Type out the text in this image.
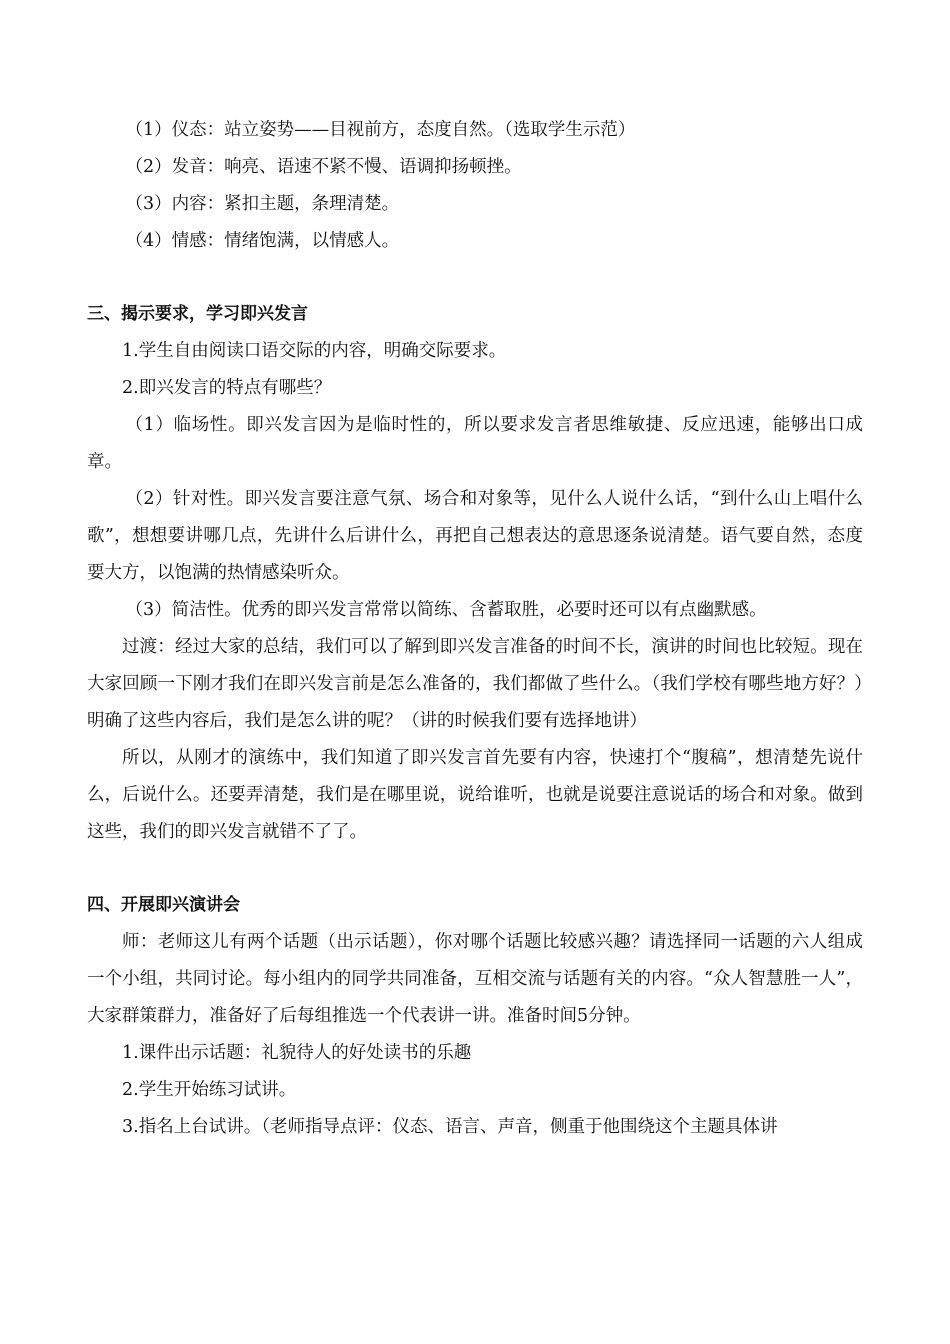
（1）仪态：站立姿势——目视前方，态度自然。（选取学生示范）

（2）发音：响亮、语速不紧不慢、语调抑扬顿挫。

（3）内容：紧扣主题，条理清楚。

（4）情感：情绪饱满，以情感人。

三、揭示要求，学习即兴发言

1.学生自由阅读口语交际的内容，明确交际要求。

2.即兴发言的特点有哪些？

（1）临场性。即兴发言因为是临时性的，所以要求发言者思维敏捷、反应迅速，能够出口成章。

（2）针对性。即兴发言要注意气氛、场合和对象等，见什么人说什么话，“到什么山上唱什么歌”，想想要讲哪几点，先讲什么后讲什么，再把自己想表达的意思逐条说清楚。语气要自然，态度要大方，以饱满的热情感染听众。

（3）简洁性。优秀的即兴发言常常以简练、含蓄取胜，必要时还可以有点幽默感。

过渡：经过大家的总结，我们可以了解到即兴发言准备的时间不长，演讲的时间也比较短。现在大家回顾一下刚才我们在即兴发言前是怎么准备的，我们都做了些什么。（我们学校有哪些地方好？）明确了这些内容后，我们是怎么讲的呢？（讲的时候我们要有选择地讲）

所以，从刚才的演练中，我们知道了即兴发言首先要有内容，快速打个“腹稿”，想清楚先说什么，后说什么。还要弄清楚，我们是在哪里说，说给谁听，也就是说要注意说话的场合和对象。做到这些，我们的即兴发言就错不了了。

四、开展即兴演讲会

师：老师这儿有两个话题（出示话题），你对哪个话题比较感兴趣？请选择同一话题的六人组成一个小组，共同讨论。每小组内的同学共同准备，互相交流与话题有关的内容。“众人智慧胜一人”，大家群策群力，准备好了后每组推选一个代表讲一讲。准备时间5分钟。

1.课件出示话题：礼貌待人的好处读书的乐趣

2.学生开始练习试讲。

3.指名上台试讲。（老师指导点评：仪态、语言、声音，侧重于他围绕这个主题具体讲
